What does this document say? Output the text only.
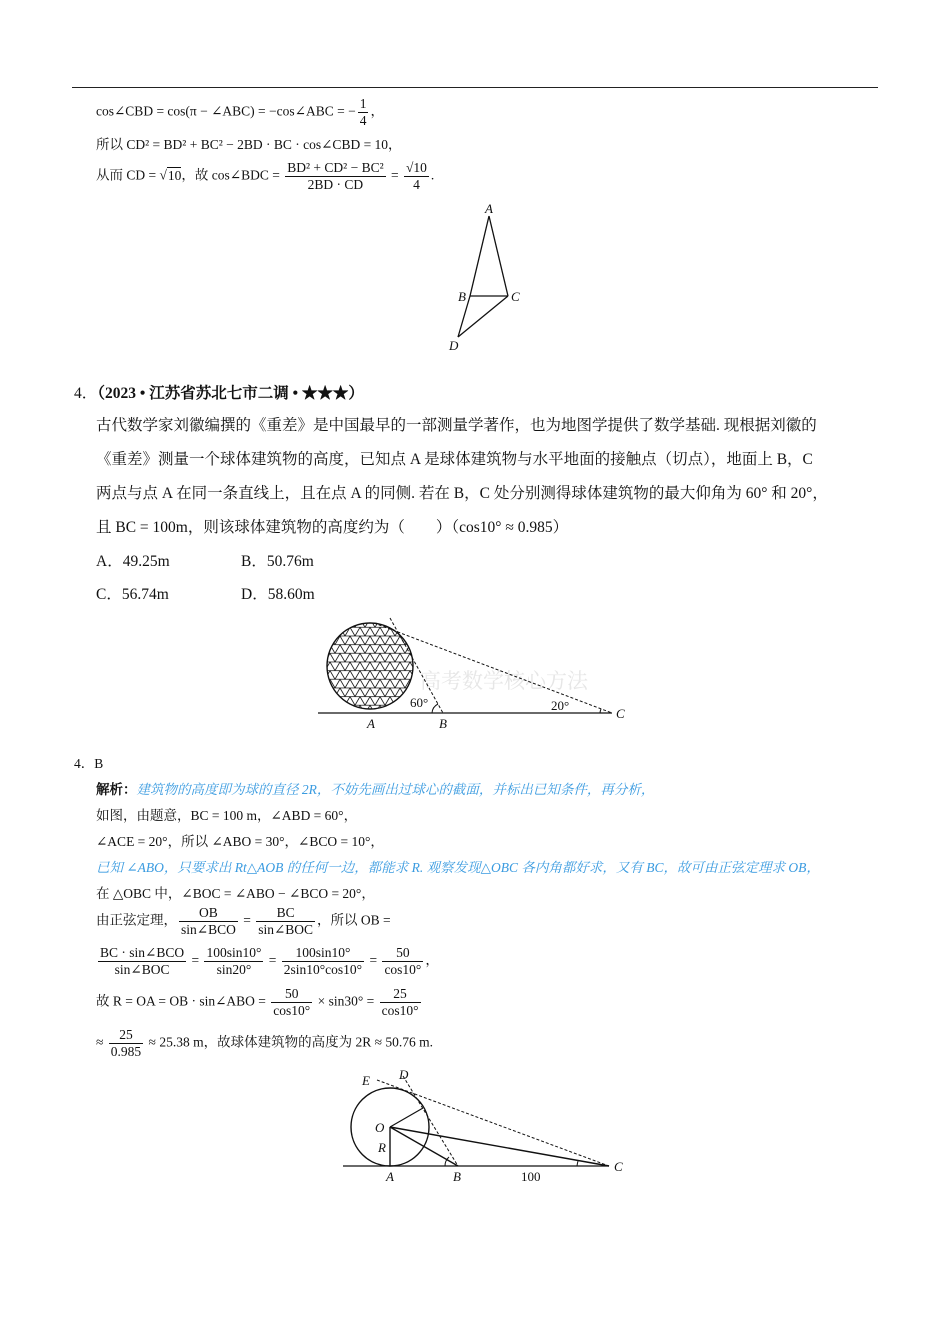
cos∠CBD = cos(π − ∠ABC) = −cos∠ABC = − $\frac{1}{4}$ ，
所以 CD² = BD² + BC² − 2BD · BC · cos∠CBD = 10，
从而 CD = √10，故 cos∠BDC = $\frac{\text{BD² + CD² − BC²}}{2BD \cdot CD} = \frac{√10}{4}$ .
A
B	C
D
4．（2023 • 江苏省苏北七市二调 • ★★★）
古代数学家刘徽编撰的《重差》是中国最早的一部测量学著作，也为地图学提供了数学基础. 现根据刘徽的
《重差》测量一个球体建筑物的高度，已知点 A 是球体建筑物与水平地面的接触点（切点），地面上 B，C
两点与点 A 在同一条直线上，且在点 A 的同侧. 若在 B，C 处分别测得球体建筑物的最大仰角为 60° 和 20°，
且 BC = 100m，则该球体建筑物的高度约为（　　）（cos10° ≈ 0.985）
A．49.25m	B．50.76m
C．56.74m	D．58.60m
高考数学核心方法
60°	20°
A	B
C
4．B
解析：建筑物的高度即为球的直径 2R，不妨先画出过球心的截面，并标出已知条件，再分析，
如图，由题意，BC = 100 m，∠ABD = 60°，
∠ACE = 20°，所以 ∠ABO = 30°，∠BCO = 10°，
已知 ∠ABO，只要求出 Rt△AOB 的任何一边，都能求 R. 观察发现△OBC 各内角都好求，又有 BC，故可由正弦定理求 OB，
在 △OBC 中，∠BOC = ∠ABO − ∠BCO = 20°，
由正弦定理， $\frac{OB}{\text{sin∠BCO}} = \frac{BC}{\text{sin∠BOC}}$ ，所以 OB =
$\frac{\text{BC · sin∠BCO}}{\text{sin∠BOC}} = \frac{100\sin 10^\circ}{\sin 20^\circ} = \frac{100\sin 10^\circ}{2\sin 10^\circ\cos 10^\circ} = \frac{50}{\cos 10^\circ}$ ，
故 R = OA = OB · sin∠ABO = $\frac{50}{\cos 10^\circ} \times \sin 30^\circ = \frac{25}{\cos 10^\circ}$
≈ $\frac{25}{0.985} \approx 25.38$ m，故球体建筑物的高度为 2R ≈ 50.76 m.
E D
O
R
A	B	100
C
